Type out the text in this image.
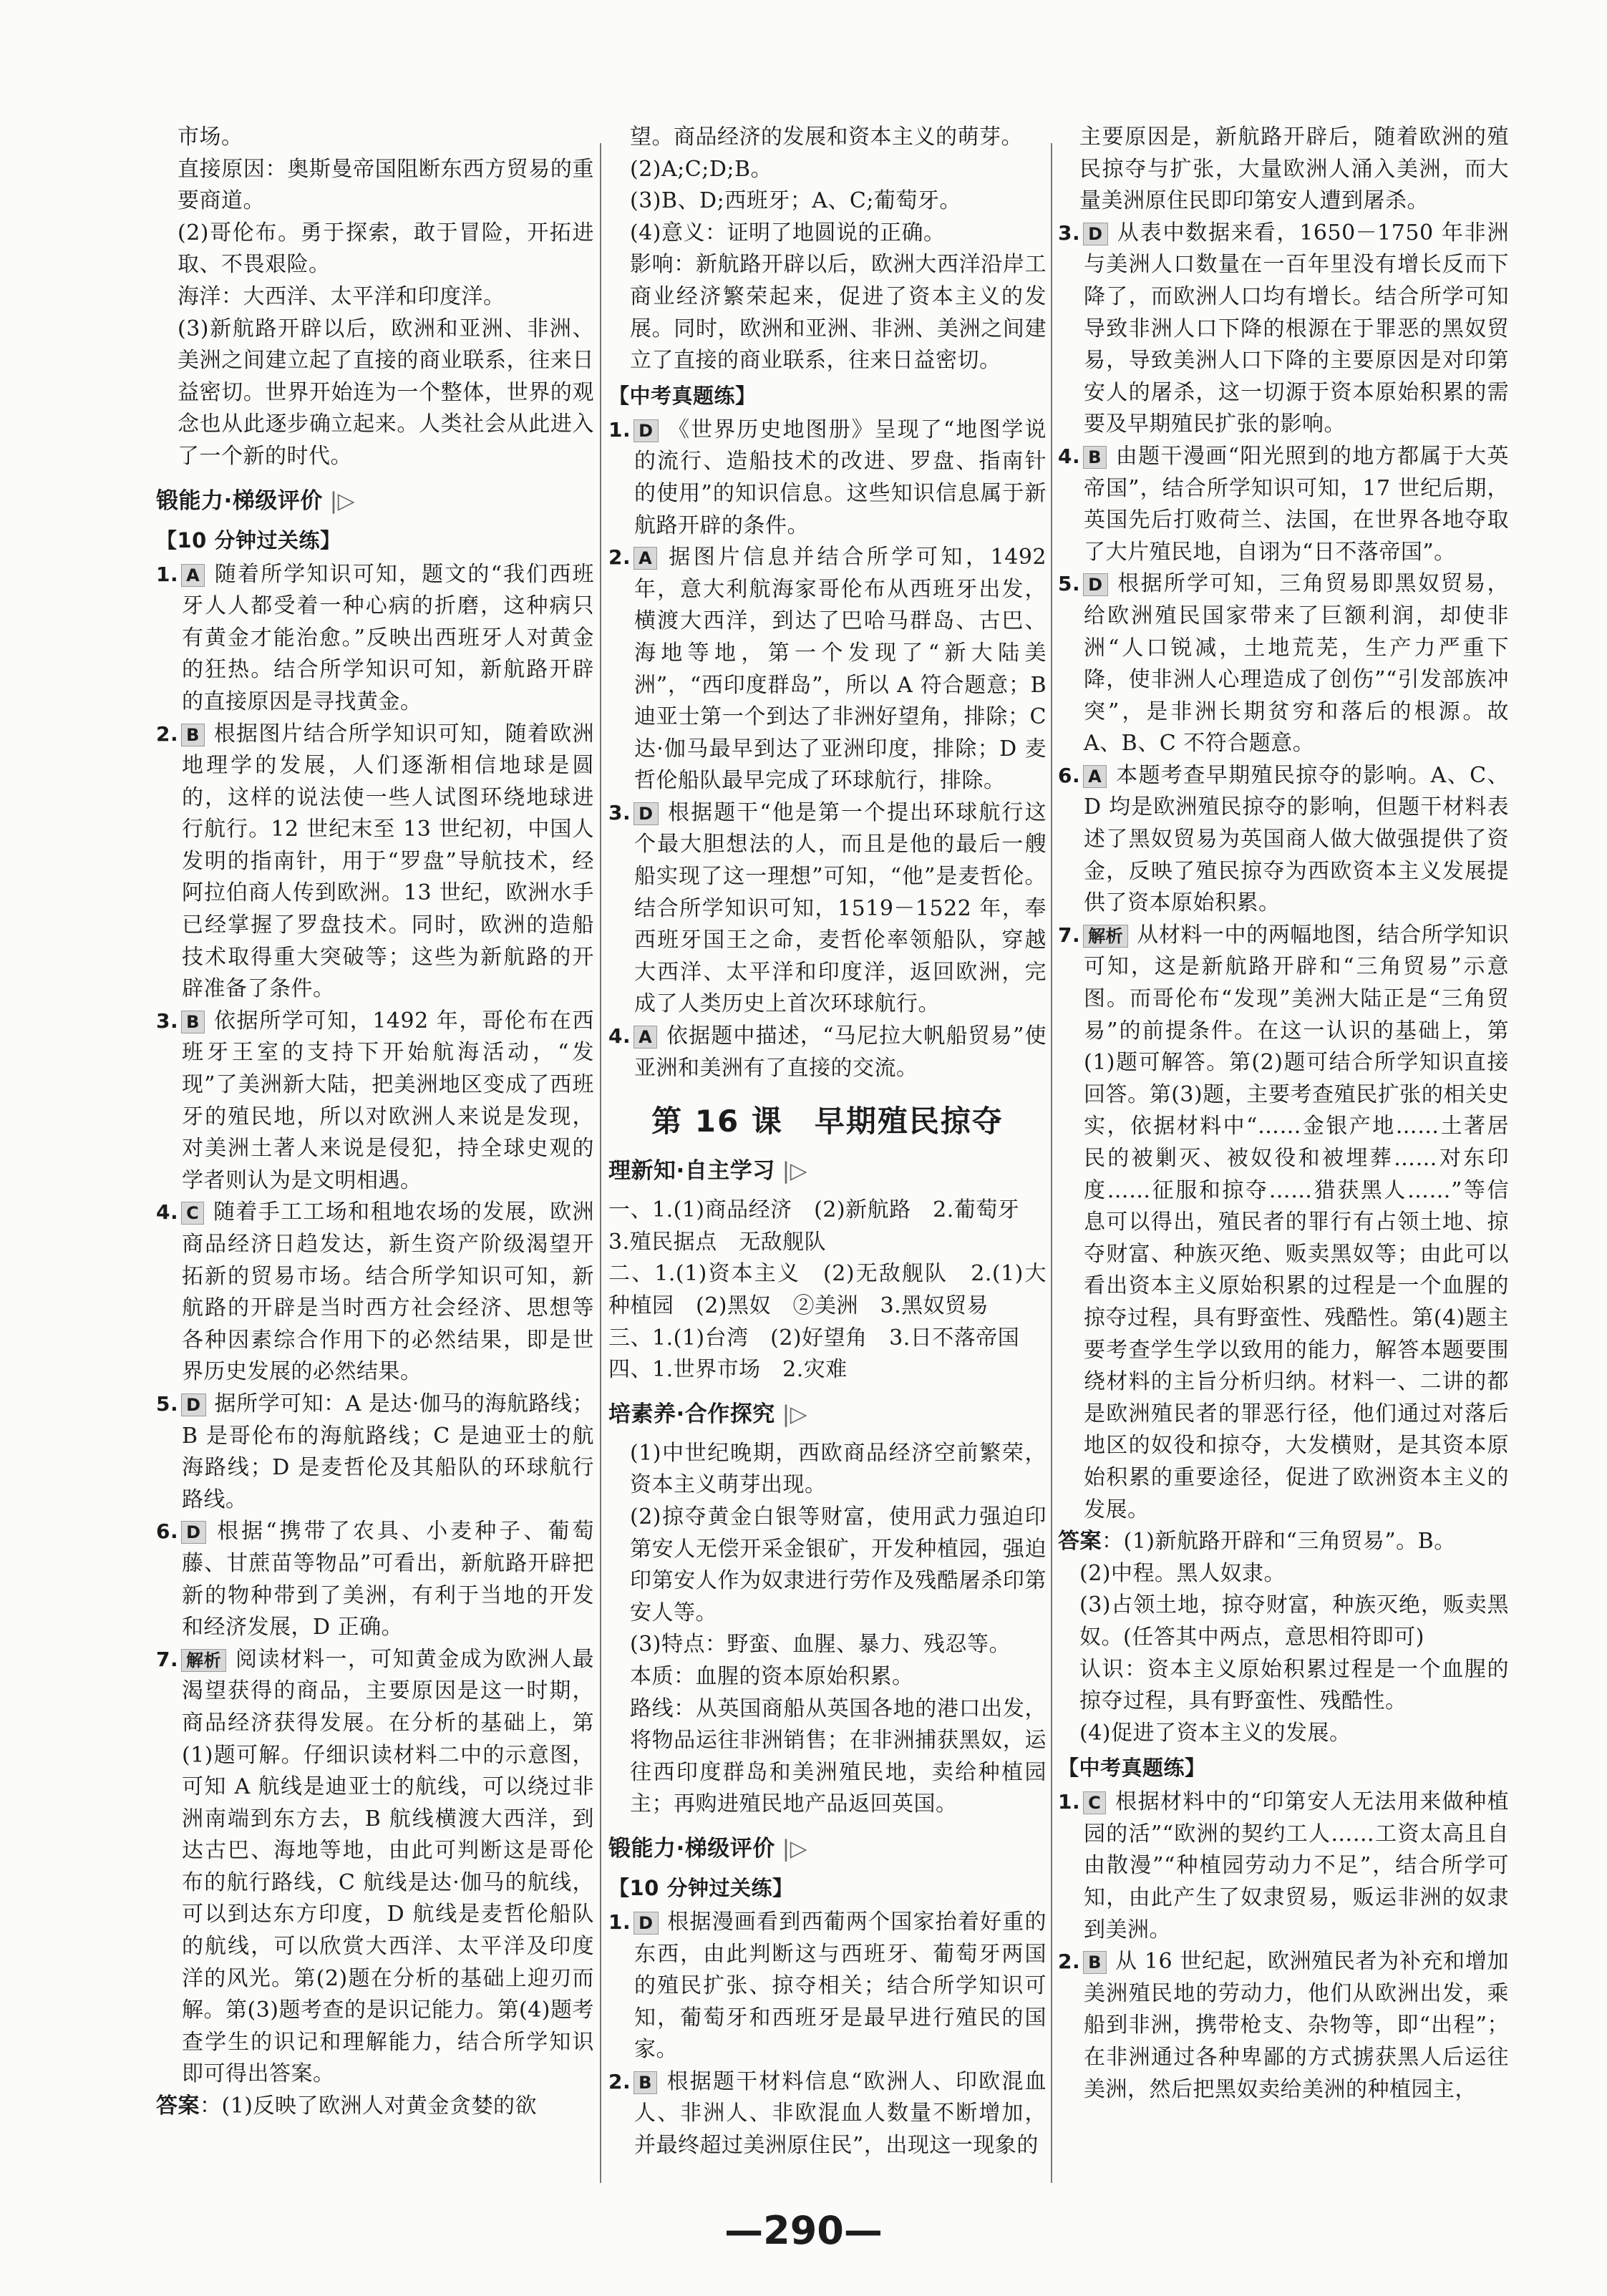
市场。

直接原因：奥斯曼帝国阻断东西方贸易的重要商道。

(2)哥伦布。勇于探索，敢于冒险，开拓进取、不畏艰险。

海洋：大西洋、太平洋和印度洋。

(3)新航路开辟以后，欧洲和亚洲、非洲、美洲之间建立起了直接的商业联系，往来日益密切。世界开始连为一个整体，世界的观念也从此逐步确立起来。人类社会从此进入了一个新的时代。

锻能力·梯级评价 |▷
【10 分钟过关练】

1. A 随着所学知识可知，题文的“我们西班牙人人都受着一种心病的折磨，这种病只有黄金才能治愈。”反映出西班牙人对黄金的狂热。结合所学知识可知，新航路开辟的直接原因是寻找黄金。

2. B 根据图片结合所学知识可知，随着欧洲地理学的发展，人们逐渐相信地球是圆的，这样的说法使一些人试图环绕地球进行航行。12 世纪末至 13 世纪初，中国人发明的指南针，用于“罗盘”导航技术，经阿拉伯商人传到欧洲。13 世纪，欧洲水手已经掌握了罗盘技术。同时，欧洲的造船技术取得重大突破等；这些为新航路的开辟准备了条件。

3. B 依据所学可知，1492 年，哥伦布在西班牙王室的支持下开始航海活动，“发现”了美洲新大陆，把美洲地区变成了西班牙的殖民地，所以对欧洲人来说是发现，对美洲土著人来说是侵犯，持全球史观的学者则认为是文明相遇。

4. C 随着手工工场和租地农场的发展，欧洲商品经济日趋发达，新生资产阶级渴望开拓新的贸易市场。结合所学知识可知，新航路的开辟是当时西方社会经济、思想等各种因素综合作用下的必然结果，即是世界历史发展的必然结果。

5. D 据所学可知：A 是达·伽马的海航路线；B 是哥伦布的海航路线；C 是迪亚士的航海路线；D 是麦哲伦及其船队的环球航行路线。

6. D 根据“携带了农具、小麦种子、葡萄藤、甘蔗苗等物品”可看出，新航路开辟把新的物种带到了美洲，有利于当地的开发和经济发展，D 正确。

7. 解析 阅读材料一，可知黄金成为欧洲人最渴望获得的商品，主要原因是这一时期，商品经济获得发展。在分析的基础上，第(1)题可解。仔细识读材料二中的示意图，可知 A 航线是迪亚士的航线，可以绕过非洲南端到东方去，B 航线横渡大西洋，到达古巴、海地等地，由此可判断这是哥伦布的航行路线，C 航线是达·伽马的航线，可以到达东方印度，D 航线是麦哲伦船队的航线，可以欣赏大西洋、太平洋及印度洋的风光。第(2)题在分析的基础上迎刃而解。第(3)题考查的是识记能力。第(4)题考查学生的识记和理解能力，结合所学知识即可得出答案。

答案：(1)反映了欧洲人对黄金贪婪的欲

望。商品经济的发展和资本主义的萌芽。

(2)A;C;D;B。

(3)B、D;西班牙；A、C;葡萄牙。

(4)意义：证明了地圆说的正确。

影响：新航路开辟以后，欧洲大西洋沿岸工商业经济繁荣起来，促进了资本主义的发展。同时，欧洲和亚洲、非洲、美洲之间建立了直接的商业联系，往来日益密切。

【中考真题练】

1. D 《世界历史地图册》呈现了“地图学说的流行、造船技术的改进、罗盘、指南针的使用”的知识信息。这些知识信息属于新航路开辟的条件。

2. A 据图片信息并结合所学可知，1492 年，意大利航海家哥伦布从西班牙出发，横渡大西洋，到达了巴哈马群岛、古巴、海地等地，第一个发现了“新大陆美洲”，“西印度群岛”，所以 A 符合题意；B 迪亚士第一个到达了非洲好望角，排除；C 达·伽马最早到达了亚洲印度，排除；D 麦哲伦船队最早完成了环球航行，排除。

3. D 根据题干“他是第一个提出环球航行这个最大胆想法的人，而且是他的最后一艘船实现了这一理想”可知，“他”是麦哲伦。结合所学知识可知，1519－1522 年，奉西班牙国王之命，麦哲伦率领船队，穿越大西洋、太平洋和印度洋，返回欧洲，完成了人类历史上首次环球航行。

4. A 依据题中描述，“马尼拉大帆船贸易”使亚洲和美洲有了直接的交流。

第 16 课　早期殖民掠夺
理新知·自主学习 |▷

一、1.(1)商品经济　(2)新航路　2.葡萄牙

3.殖民据点　无敌舰队

二、1.(1)资本主义　(2)无敌舰队　2.(1)大种植园　(2)黑奴　②美洲　3.黑奴贸易

三、1.(1)台湾　(2)好望角　3.日不落帝国

四、1.世界市场　2.灾难

培素养·合作探究 |▷

(1)中世纪晚期，西欧商品经济空前繁荣，资本主义萌芽出现。

(2)掠夺黄金白银等财富，使用武力强迫印第安人无偿开采金银矿，开发种植园，强迫印第安人作为奴隶进行劳作及残酷屠杀印第安人等。

(3)特点：野蛮、血腥、暴力、残忍等。

本质：血腥的资本原始积累。

路线：从英国商船从英国各地的港口出发，将物品运往非洲销售；在非洲捕获黑奴，运往西印度群岛和美洲殖民地，卖给种植园主；再购进殖民地产品返回英国。

锻能力·梯级评价 |▷
【10 分钟过关练】

1. D 根据漫画看到西葡两个国家抬着好重的东西，由此判断这与西班牙、葡萄牙两国的殖民扩张、掠夺相关；结合所学知识可知，葡萄牙和西班牙是最早进行殖民的国家。

2. B 根据题干材料信息“欧洲人、印欧混血人、非洲人、非欧混血人数量不断增加，并最终超过美洲原住民”，出现这一现象的

主要原因是，新航路开辟后，随着欧洲的殖民掠夺与扩张，大量欧洲人涌入美洲，而大量美洲原住民即印第安人遭到屠杀。

3. D 从表中数据来看，1650－1750 年非洲与美洲人口数量在一百年里没有增长反而下降了，而欧洲人口均有增长。结合所学可知导致非洲人口下降的根源在于罪恶的黑奴贸易，导致美洲人口下降的主要原因是对印第安人的屠杀，这一切源于资本原始积累的需要及早期殖民扩张的影响。

4. B 由题干漫画“阳光照到的地方都属于大英帝国”，结合所学知识可知，17 世纪后期，英国先后打败荷兰、法国，在世界各地夺取了大片殖民地，自诩为“日不落帝国”。

5. D 根据所学可知，三角贸易即黑奴贸易，给欧洲殖民国家带来了巨额利润，却使非洲“人口锐减，土地荒芜，生产力严重下降，使非洲人心理造成了创伤”“引发部族冲突”，是非洲长期贫穷和落后的根源。故 A、B、C 不符合题意。

6. A 本题考查早期殖民掠夺的影响。A、C、D 均是欧洲殖民掠夺的影响，但题干材料表述了黑奴贸易为英国商人做大做强提供了资金，反映了殖民掠夺为西欧资本主义发展提供了资本原始积累。

7. 解析 从材料一中的两幅地图，结合所学知识可知，这是新航路开辟和“三角贸易”示意图。而哥伦布“发现”美洲大陆正是“三角贸易”的前提条件。在这一认识的基础上，第(1)题可解答。第(2)题可结合所学知识直接回答。第(3)题，主要考查殖民扩张的相关史实，依据材料中“……金银产地……土著居民的被剿灭、被奴役和被埋葬……对东印度……征服和掠夺……猎获黑人……”等信息可以得出，殖民者的罪行有占领土地、掠夺财富、种族灭绝、贩卖黑奴等；由此可以看出资本主义原始积累的过程是一个血腥的掠夺过程，具有野蛮性、残酷性。第(4)题主要考查学生学以致用的能力，解答本题要围绕材料的主旨分析归纳。材料一、二讲的都是欧洲殖民者的罪恶行径，他们通过对落后地区的奴役和掠夺，大发横财，是其资本原始积累的重要途径，促进了欧洲资本主义的发展。

答案：(1)新航路开辟和“三角贸易”。B。

(2)中程。黑人奴隶。

(3)占领土地，掠夺财富，种族灭绝，贩卖黑奴。(任答其中两点，意思相符即可)

认识：资本主义原始积累过程是一个血腥的掠夺过程，具有野蛮性、残酷性。

(4)促进了资本主义的发展。

【中考真题练】

1. C 根据材料中的“印第安人无法用来做种植园的活”“欧洲的契约工人……工资太高且自由散漫”“种植园劳动力不足”，结合所学可知，由此产生了奴隶贸易，贩运非洲的奴隶到美洲。

2. B 从 16 世纪起，欧洲殖民者为补充和增加美洲殖民地的劳动力，他们从欧洲出发，乘船到非洲，携带枪支、杂物等，即“出程”；在非洲通过各种卑鄙的方式掳获黑人后运往美洲，然后把黑奴卖给美洲的种植园主，

—290—
